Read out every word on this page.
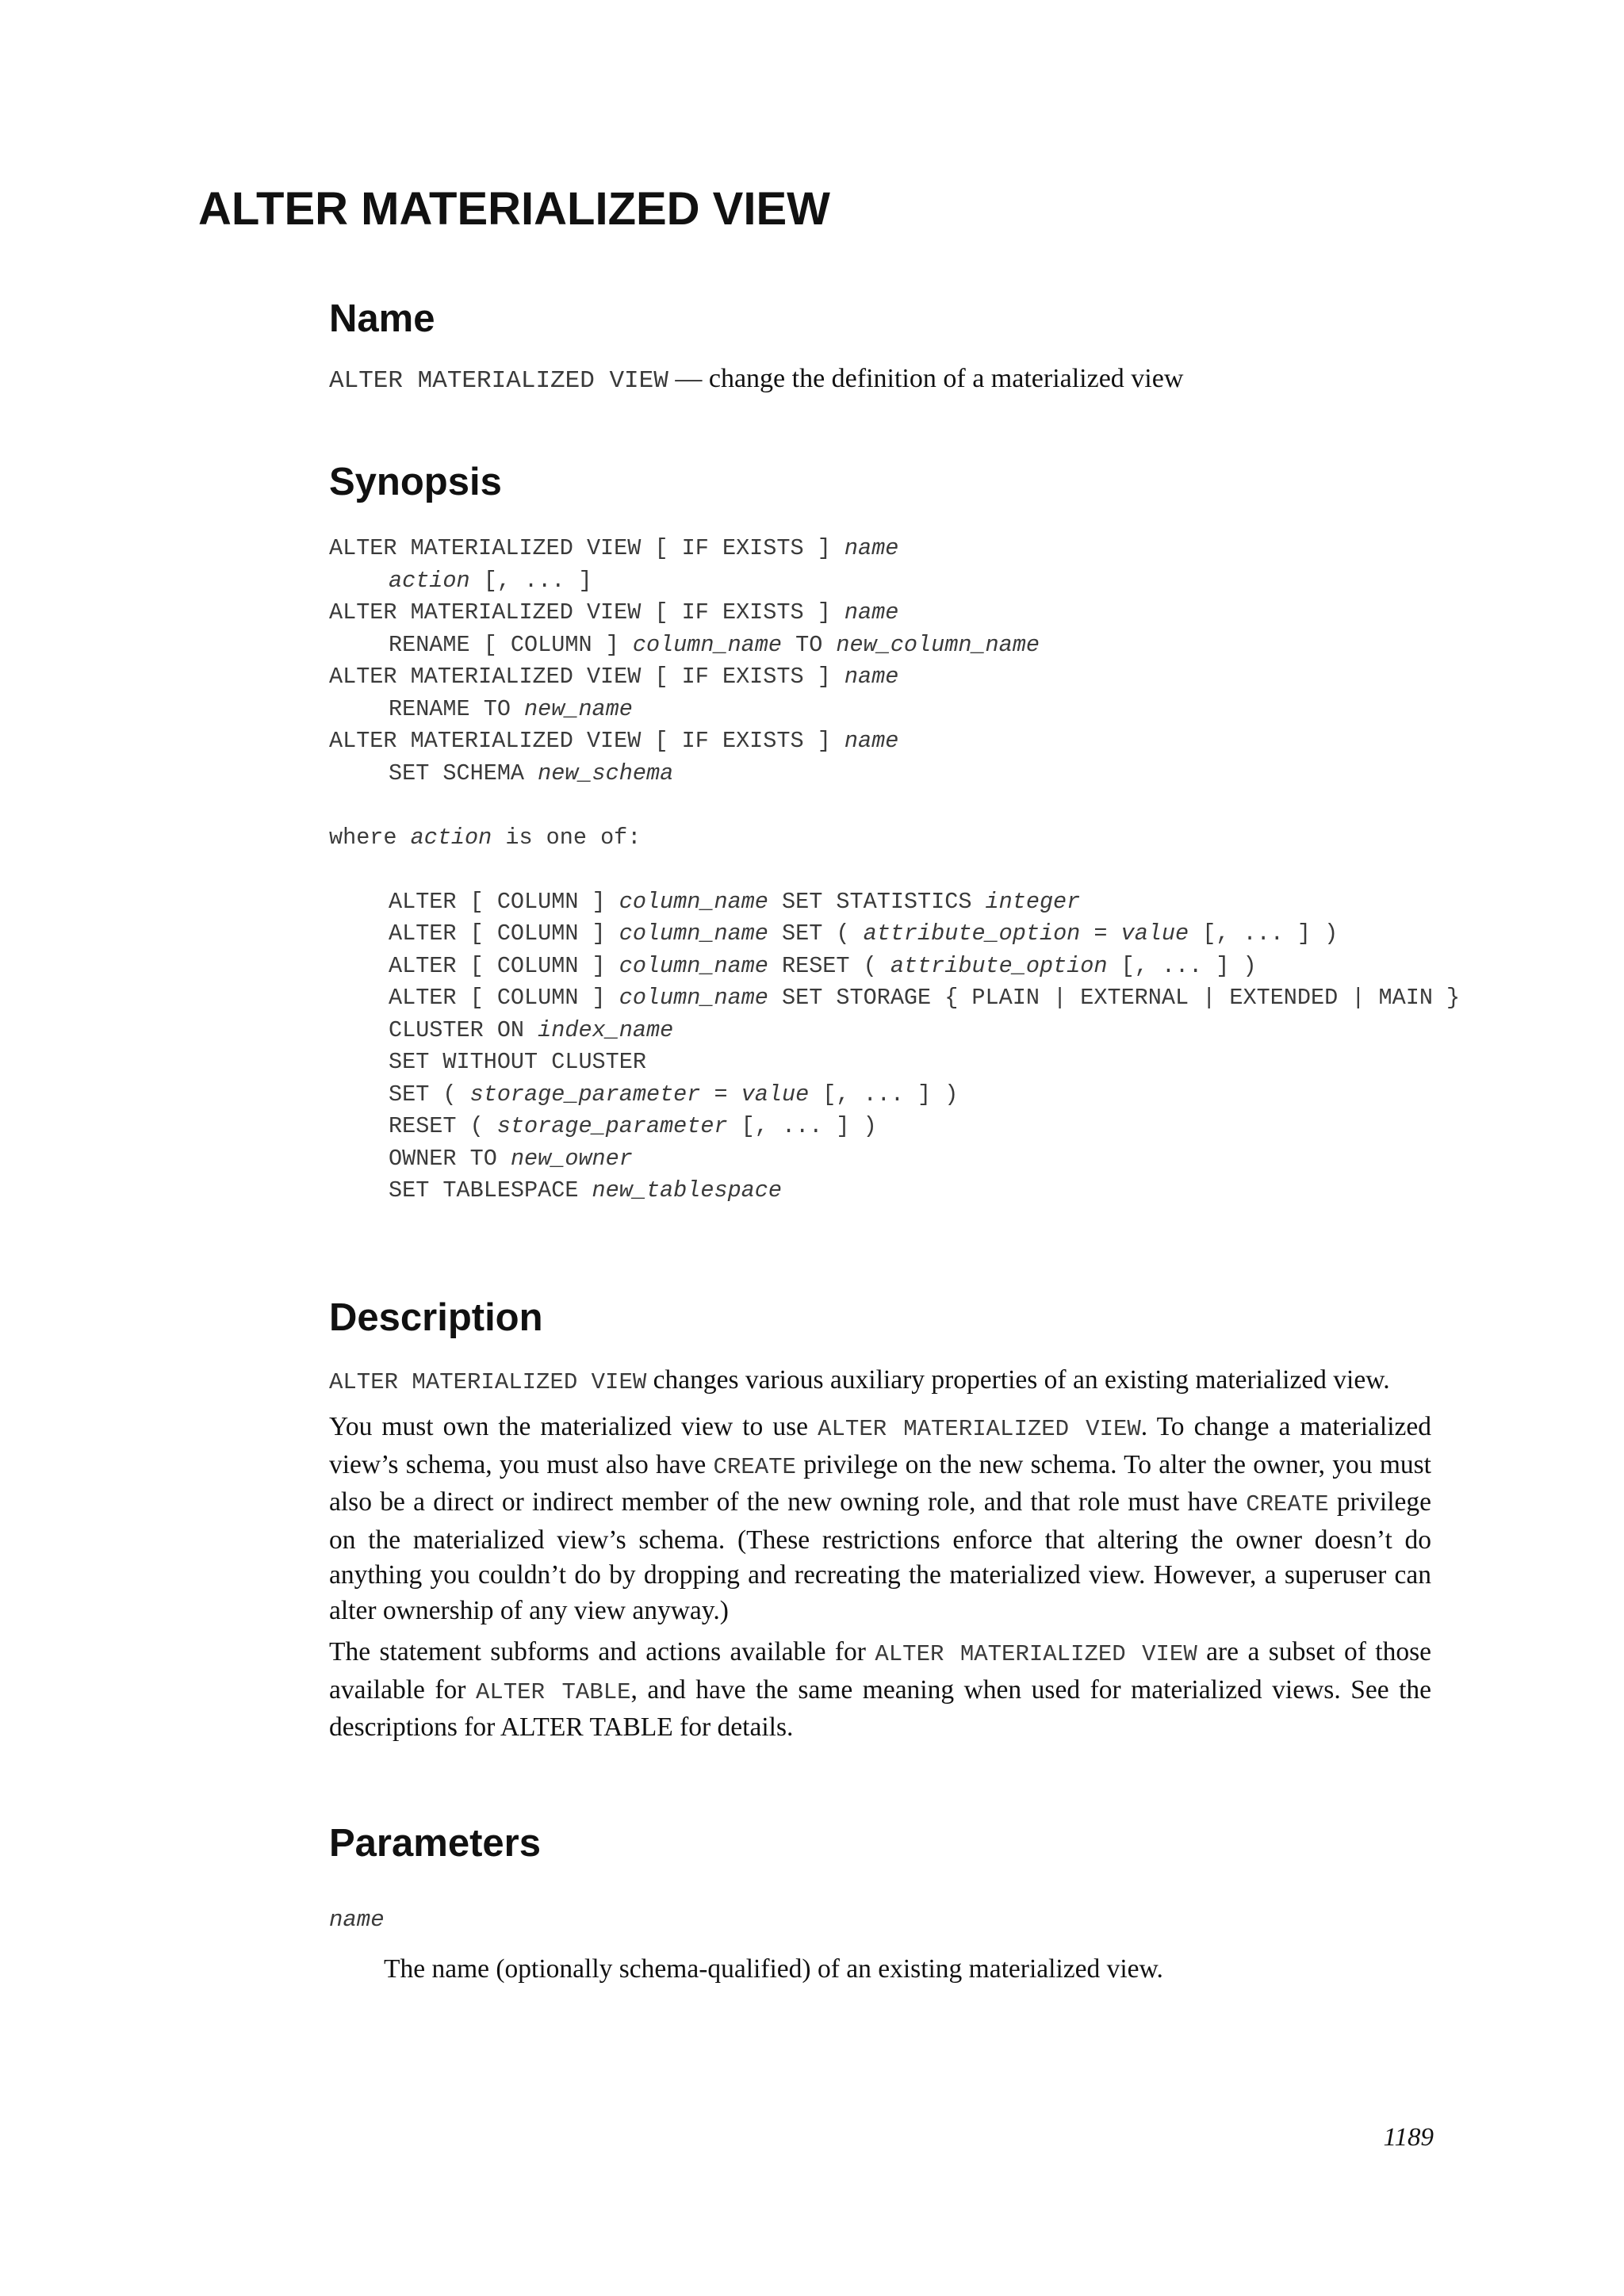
ALTER MATERIALIZED VIEW
Name
ALTER MATERIALIZED VIEW — change the definition of a materialized view
Synopsis
ALTER MATERIALIZED VIEW [ IF EXISTS ] name
action [, ... ]
ALTER MATERIALIZED VIEW [ IF EXISTS ] name
RENAME [ COLUMN ] column_name TO new_column_name
ALTER MATERIALIZED VIEW [ IF EXISTS ] name
RENAME TO new_name
ALTER MATERIALIZED VIEW [ IF EXISTS ] name
SET SCHEMA new_schema
where action is one of:
ALTER [ COLUMN ] column_name SET STATISTICS integer
ALTER [ COLUMN ] column_name SET ( attribute_option = value [, ... ] )
ALTER [ COLUMN ] column_name RESET ( attribute_option [, ... ] )
ALTER [ COLUMN ] column_name SET STORAGE { PLAIN | EXTERNAL | EXTENDED | MAIN }
CLUSTER ON index_name
SET WITHOUT CLUSTER
SET ( storage_parameter = value [, ... ] )
RESET ( storage_parameter [, ... ] )
OWNER TO new_owner
SET TABLESPACE new_tablespace
Description

ALTER MATERIALIZED VIEW changes various auxiliary properties of an existing materialized view.

You must own the materialized view to use ALTER MATERIALIZED VIEW. To change a materialized view’s schema, you must also have CREATE privilege on the new schema. To alter the owner, you must also be a direct or indirect member of the new owning role, and that role must have CREATE privilege on the materialized view’s schema. (These restrictions enforce that altering the owner doesn’t do anything you couldn’t do by dropping and recreating the materialized view. However, a superuser can alter ownership of any view anyway.)

The statement subforms and actions available for ALTER MATERIALIZED VIEW are a subset of those available for ALTER TABLE, and have the same meaning when used for materialized views. See the descriptions for ALTER TABLE for details.

Parameters
name
The name (optionally schema-qualified) of an existing materialized view.
1189
